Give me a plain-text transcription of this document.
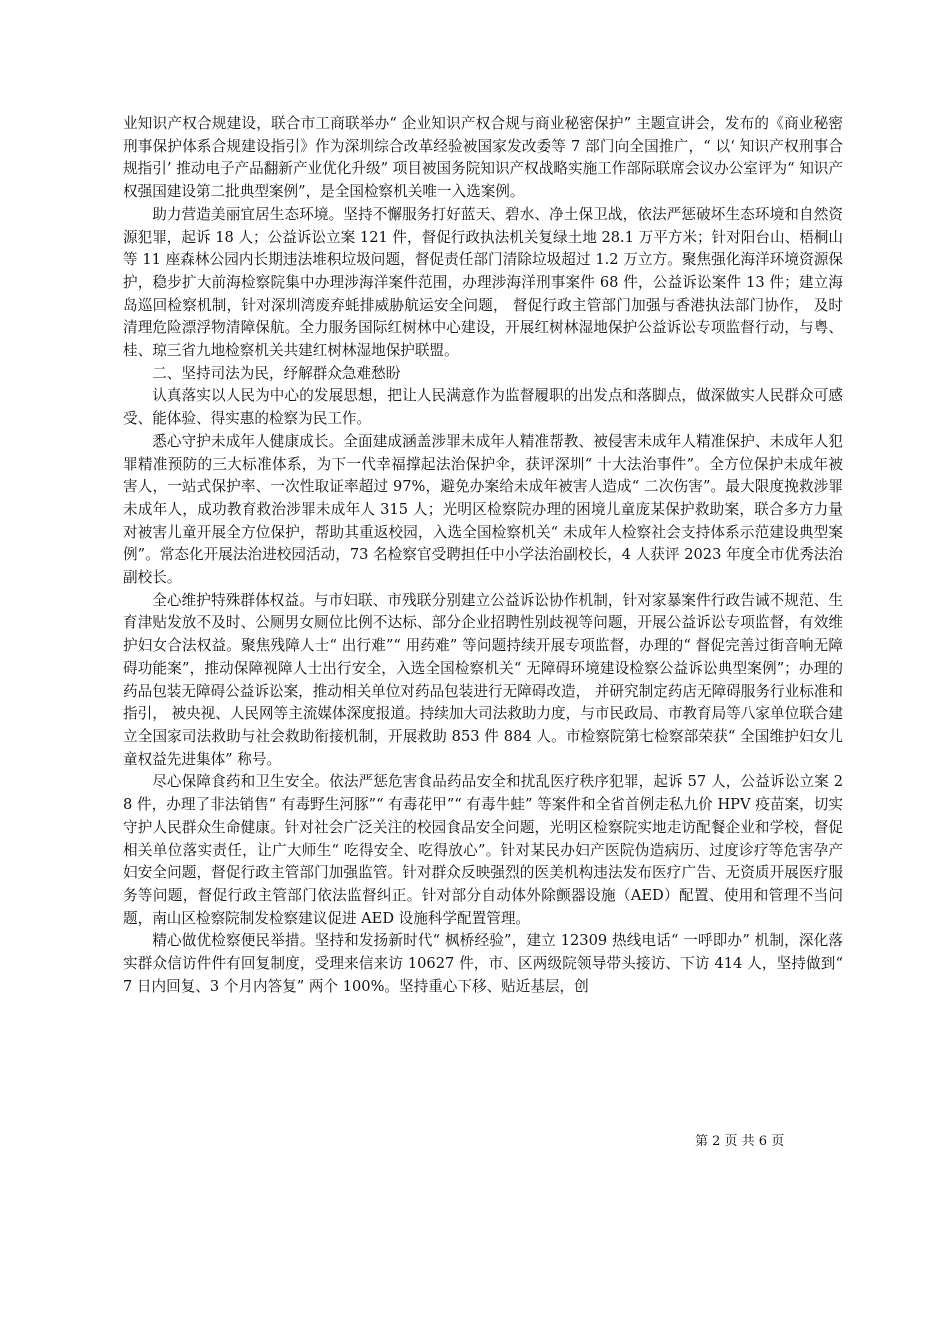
业知识产权合规建设，联合市工商联举办“ 企业知识产权合规与商业秘密保护” 主题宣讲会，发布的《商业秘密刑事保护体系合规建设指引》作为深圳综合改革经验被国家发改委等 7 部门向全国推广，“ 以‘ 知识产权刑事合规指引’ 推动电子产品翻新产业优化升级” 项目被国务院知识产权战略实施工作部际联席会议办公室评为“ 知识产权强国建设第二批典型案例”，是全国检察机关唯一入选案例。

助力营造美丽宜居生态环境。坚持不懈服务打好蓝天、碧水、净土保卫战，依法严惩破坏生态环境和自然资源犯罪，起诉 18 人；公益诉讼立案 121 件，督促行政执法机关复绿土地 28.1 万平方米；针对阳台山、梧桐山等 11 座森林公园内长期违法堆积垃圾问题，督促责任部门清除垃圾超过 1.2 万立方。聚焦强化海洋环境资源保护，稳步扩大前海检察院集中办理涉海洋案件范围，办理涉海洋刑事案件 68 件，公益诉讼案件 13 件；建立海岛巡回检察机制，针对深圳湾废弃蚝排威胁航运安全问题， 督促行政主管部门加强与香港执法部门协作， 及时清理危险漂浮物清障保航。全力服务国际红树林中心建设，开展红树林湿地保护公益诉讼专项监督行动，与粤、桂、琼三省九地检察机关共建红树林湿地保护联盟。

二、坚持司法为民，纾解群众急难愁盼

认真落实以人民为中心的发展思想，把让人民满意作为监督履职的出发点和落脚点，做深做实人民群众可感受、能体验、得实惠的检察为民工作。

悉心守护未成年人健康成长。全面建成涵盖涉罪未成年人精准帮教、被侵害未成年人精准保护、未成年人犯罪精准预防的三大标准体系，为下一代幸福撑起法治保护伞，获评深圳“ 十大法治事件”。全方位保护未成年被害人，一站式保护率、一次性取证率超过 97%，避免办案给未成年被害人造成“ 二次伤害”。最大限度挽救涉罪未成年人，成功教育救治涉罪未成年人 315 人；光明区检察院办理的困境儿童庞某保护救助案，联合多方力量对被害儿童开展全方位保护，帮助其重返校园，入选全国检察机关“ 未成年人检察社会支持体系示范建设典型案例”。常态化开展法治进校园活动，73 名检察官受聘担任中小学法治副校长，4 人获评 2023 年度全市优秀法治副校长。

全心维护特殊群体权益。与市妇联、市残联分别建立公益诉讼协作机制，针对家暴案件行政告诫不规范、生育津贴发放不及时、公厕男女厕位比例不达标、部分企业招聘性别歧视等问题，开展公益诉讼专项监督，有效维护妇女合法权益。聚焦残障人士“ 出行难”“ 用药难” 等问题持续开展专项监督，办理的“ 督促完善过街音响无障碍功能案”，推动保障视障人士出行安全，入选全国检察机关“ 无障碍环境建设检察公益诉讼典型案例”；办理的药品包装无障碍公益诉讼案，推动相关单位对药品包装进行无障碍改造， 并研究制定药店无障碍服务行业标准和指引， 被央视、人民网等主流媒体深度报道。持续加大司法救助力度，与市民政局、市教育局等八家单位联合建立全国家司法救助与社会救助衔接机制，开展救助 853 件 884 人。市检察院第七检察部荣获“ 全国维护妇女儿童权益先进集体” 称号。

尽心保障食药和卫生安全。依法严惩危害食品药品安全和扰乱医疗秩序犯罪，起诉 57 人，公益诉讼立案 28 件，办理了非法销售“ 有毒野生河豚”“ 有毒花甲”“ 有毒牛蛙” 等案件和全省首例走私九价 HPV 疫苗案，切实守护人民群众生命健康。针对社会广泛关注的校园食品安全问题，光明区检察院实地走访配餐企业和学校，督促相关单位落实责任，让广大师生“ 吃得安全、吃得放心”。针对某民办妇产医院伪造病历、过度诊疗等危害孕产妇安全问题，督促行政主管部门加强监管。针对群众反映强烈的医美机构违法发布医疗广告、无资质开展医疗服务等问题，督促行政主管部门依法监督纠正。针对部分自动体外除颤器设施（AED）配置、使用和管理不当问题，南山区检察院制发检察建议促进 AED 设施科学配置管理。

精心做优检察便民举措。坚持和发扬新时代“ 枫桥经验”，建立 12309 热线电话“ 一呼即办” 机制，深化落实群众信访件件有回复制度，受理来信来访 10627 件，市、区两级院领导带头接访、下访 414 人，坚持做到“ 7 日内回复、3 个月内答复” 两个 100%。坚持重心下移、贴近基层，创

第 2 页 共 6 页
